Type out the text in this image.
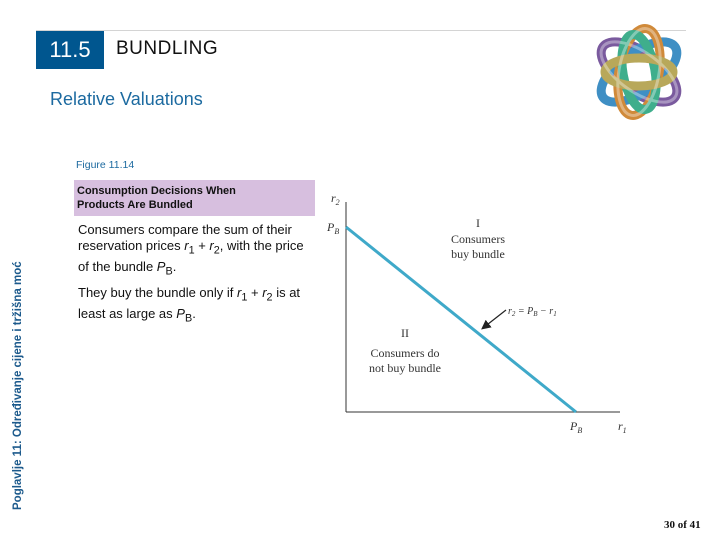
11.5	BUNDLING
Relative Valuations
Poglavlje 11: Određivanje cijene i tržišna moć
Figure 11.14
Consumption Decisions When
Products Are Bundled
Consumers compare the sum of their reservation prices $r_1 + r_2$, with the price of the bundle $P_B$.
They buy the bundle only if $r_1 + r_2$ is at least as large as $P_B$.
$r_2$
$P_B$
$P_B$	$r_1$
I
Consumers
buy bundle
II
Consumers do
not buy bundle
$r_2 = P_B - r_1$
30 of 41
